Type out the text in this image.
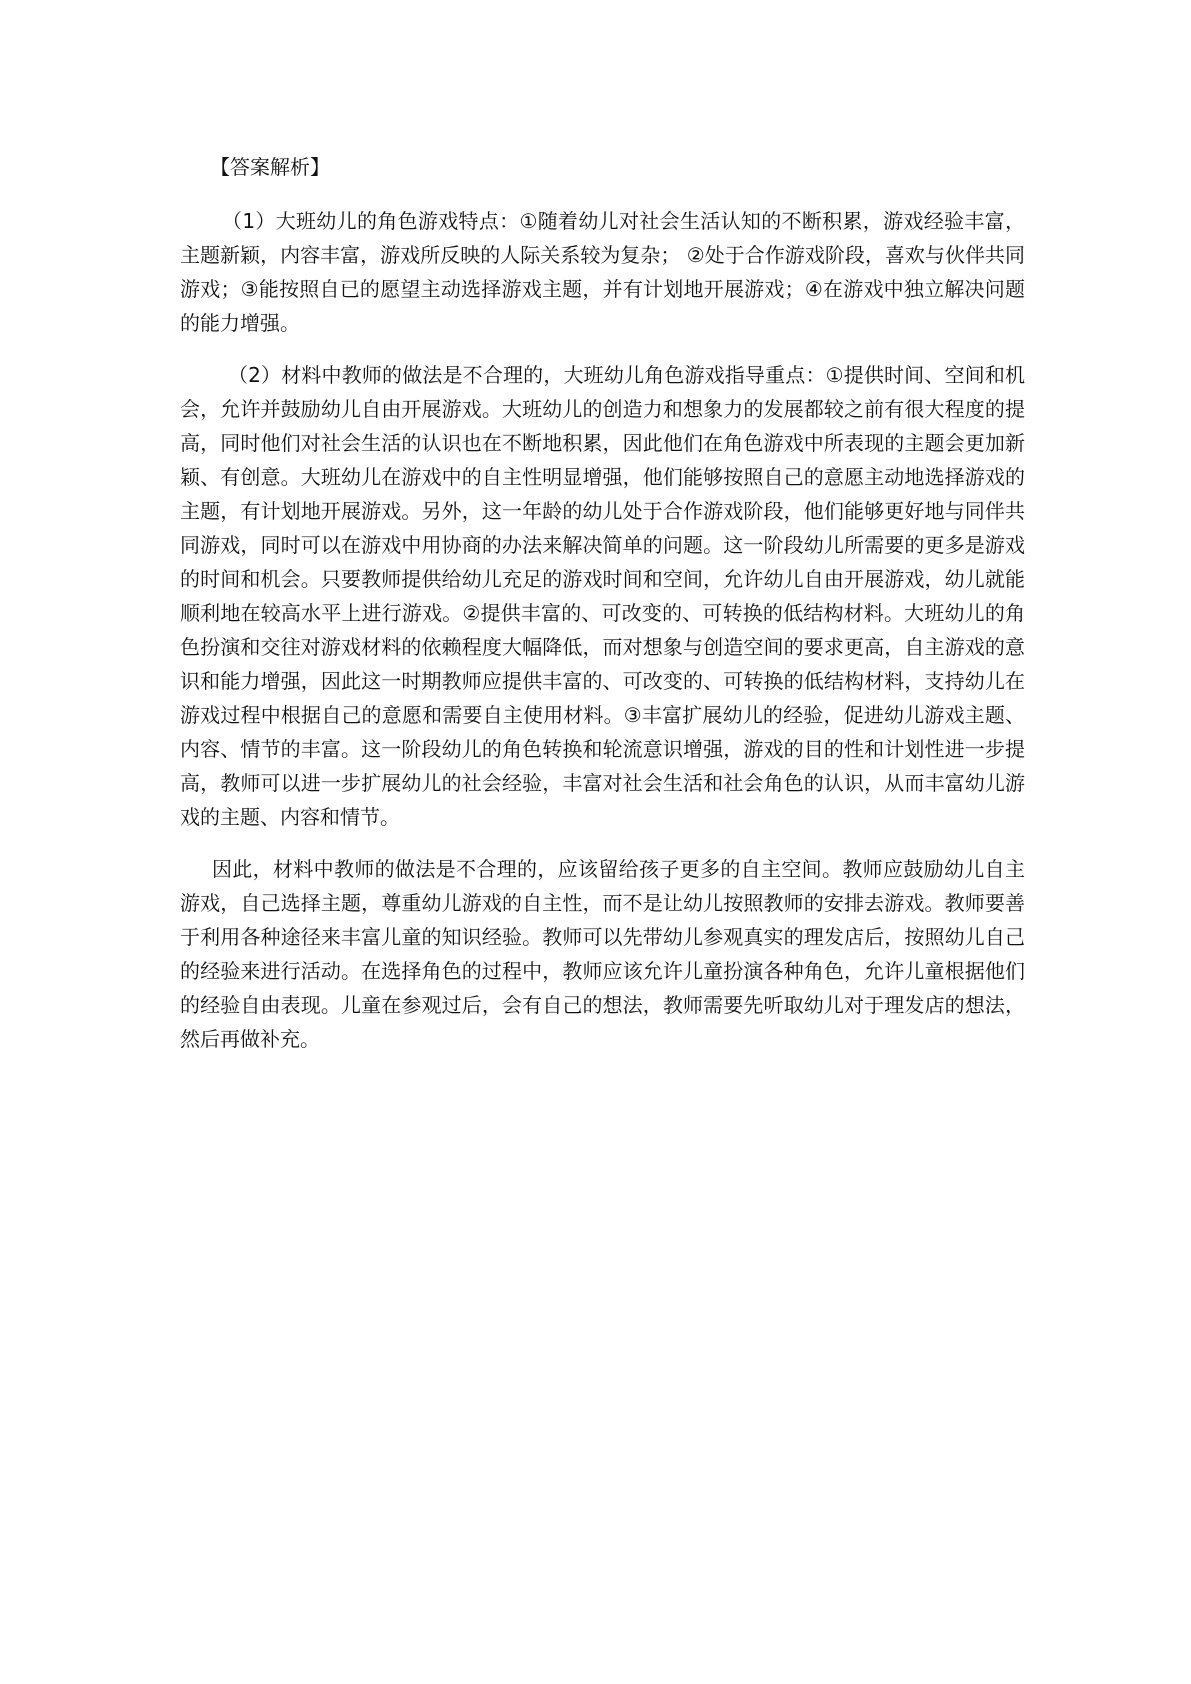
【答案解析】

（1）大班幼儿的角色游戏特点：①随着幼儿对社会生活认知的不断积累，游戏经验丰富，主题新颖，内容丰富，游戏所反映的人际关系较为复杂； ②处于合作游戏阶段，喜欢与伙伴共同游戏；③能按照自已的愿望主动选择游戏主题，并有计划地开展游戏；④在游戏中独立解决问题的能力增强。

（2）材料中教师的做法是不合理的，大班幼儿角色游戏指导重点：①提供时间、空间和机会，允许并鼓励幼儿自由开展游戏。大班幼儿的创造力和想象力的发展都较之前有很大程度的提高，同时他们对社会生活的认识也在不断地积累，因此他们在角色游戏中所表现的主题会更加新颖、有创意。大班幼儿在游戏中的自主性明显增强，他们能够按照自己的意愿主动地选择游戏的主题，有计划地开展游戏。另外，这一年龄的幼儿处于合作游戏阶段，他们能够更好地与同伴共同游戏，同时可以在游戏中用协商的办法来解决简单的问题。这一阶段幼儿所需要的更多是游戏的时间和机会。只要教师提供给幼儿充足的游戏时间和空间，允许幼儿自由开展游戏，幼儿就能顺利地在较高水平上进行游戏。②提供丰富的、可改变的、可转换的低结构材料。大班幼儿的角色扮演和交往对游戏材料的依赖程度大幅降低，而对想象与创造空间的要求更高，自主游戏的意识和能力增强，因此这一时期教师应提供丰富的、可改变的、可转换的低结构材料，支持幼儿在游戏过程中根据自己的意愿和需要自主使用材料。③丰富扩展幼儿的经验，促进幼儿游戏主题、内容、情节的丰富。这一阶段幼儿的角色转换和轮流意识增强，游戏的目的性和计划性进一步提高，教师可以进一步扩展幼儿的社会经验，丰富对社会生活和社会角色的认识，从而丰富幼儿游戏的主题、内容和情节。

因此，材料中教师的做法是不合理的，应该留给孩子更多的自主空间。教师应鼓励幼儿自主游戏，自己选择主题，尊重幼儿游戏的自主性，而不是让幼儿按照教师的安排去游戏。教师要善于利用各种途径来丰富儿童的知识经验。教师可以先带幼儿参观真实的理发店后，按照幼儿自己的经验来进行活动。在选择角色的过程中，教师应该允许儿童扮演各种角色，允许儿童根据他们的经验自由表现。儿童在参观过后，会有自己的想法，教师需要先听取幼儿对于理发店的想法，然后再做补充。
